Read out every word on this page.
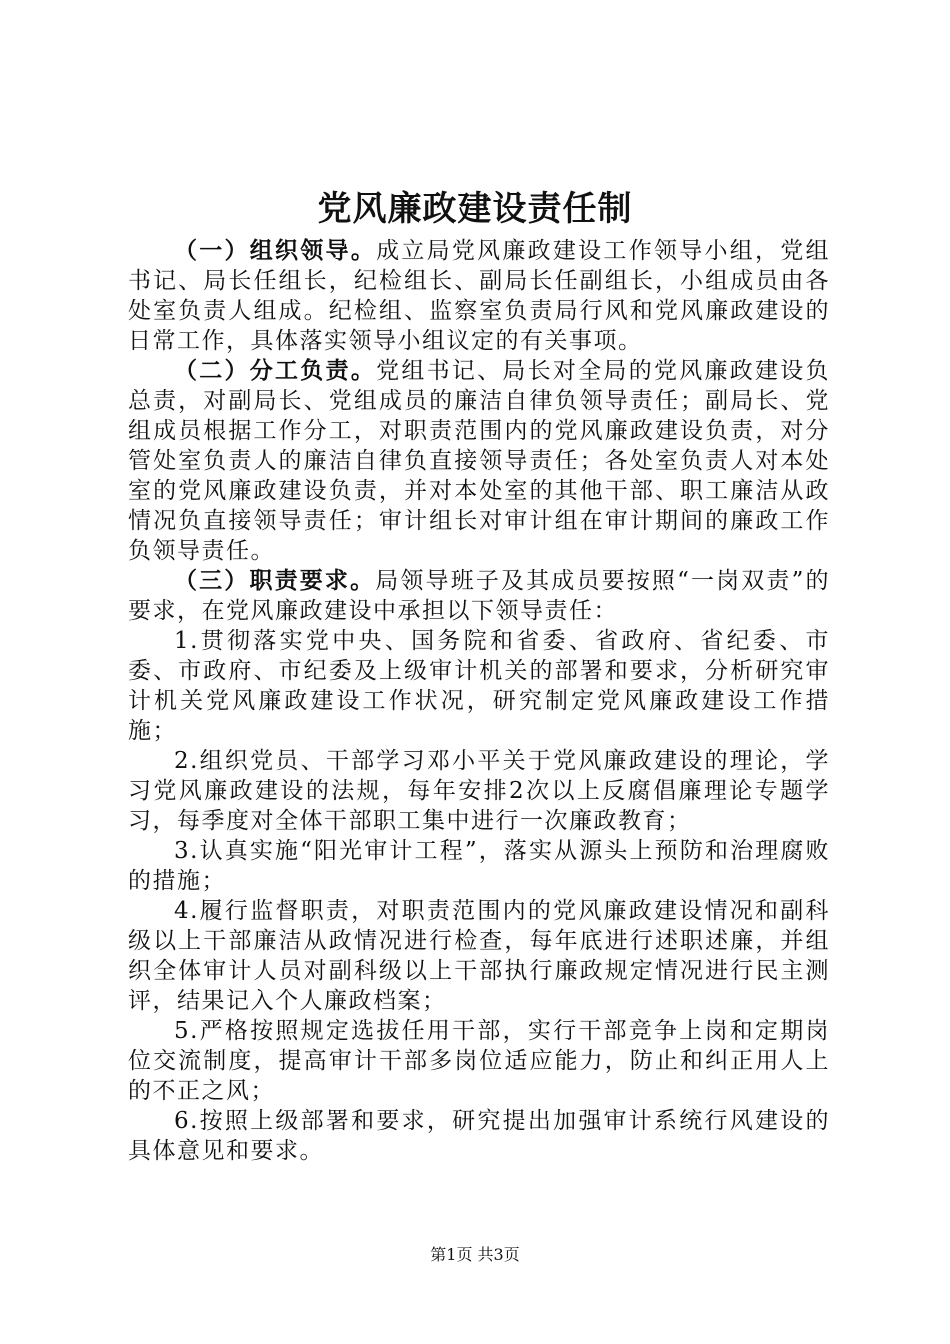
党风廉政建设责任制

（一）组织领导。成立局党风廉政建设工作领导小组，党组书记、局长任组长，纪检组长、副局长任副组长，小组成员由各处室负责人组成。纪检组、监察室负责局行风和党风廉政建设的日常工作，具体落实领导小组议定的有关事项。

（二）分工负责。党组书记、局长对全局的党风廉政建设负总责，对副局长、党组成员的廉洁自律负领导责任；副局长、党组成员根据工作分工，对职责范围内的党风廉政建设负责，对分管处室负责人的廉洁自律负直接领导责任；各处室负责人对本处室的党风廉政建设负责，并对本处室的其他干部、职工廉洁从政情况负直接领导责任；审计组长对审计组在审计期间的廉政工作负领导责任。

（三）职责要求。局领导班子及其成员要按照“一岗双责”的要求，在党风廉政建设中承担以下领导责任：

1.贯彻落实党中央、国务院和省委、省政府、省纪委、市委、市政府、市纪委及上级审计机关的部署和要求，分析研究审计机关党风廉政建设工作状况，研究制定党风廉政建设工作措施；

2.组织党员、干部学习邓小平关于党风廉政建设的理论，学习党风廉政建设的法规，每年安排2次以上反腐倡廉理论专题学习，每季度对全体干部职工集中进行一次廉政教育；

3.认真实施“阳光审计工程”，落实从源头上预防和治理腐败的措施；

4.履行监督职责，对职责范围内的党风廉政建设情况和副科级以上干部廉洁从政情况进行检查，每年底进行述职述廉，并组织全体审计人员对副科级以上干部执行廉政规定情况进行民主测评，结果记入个人廉政档案；

5.严格按照规定选拔任用干部，实行干部竞争上岗和定期岗位交流制度，提高审计干部多岗位适应能力，防止和纠正用人上的不正之风；

6.按照上级部署和要求，研究提出加强审计系统行风建设的具体意见和要求。

第1页 共3页
